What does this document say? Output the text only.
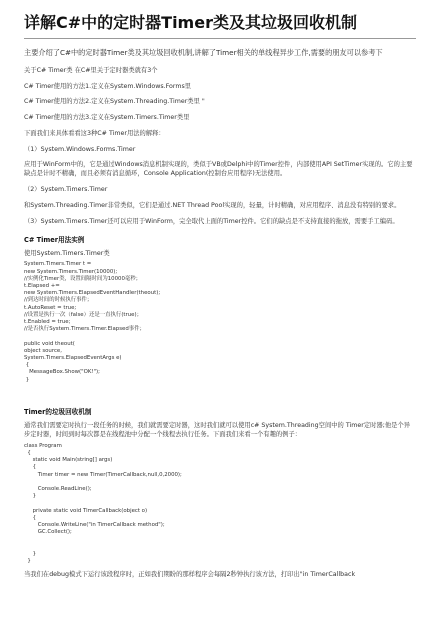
详解C#中的定时器Timer类及其垃圾回收机制
主要介绍了C#中的定时器Timer类及其垃圾回收机制,讲解了Timer相关的单线程异步工作,需要的朋友可以参考下

关于C# Timer类 在C#里关于定时器类就有3个

C# Timer使用的方法1.定义在System.Windows.Forms里

C# Timer使用的方法2.定义在System.Threading.Timer类里 "

C# Timer使用的方法3.定义在System.Timers.Timer类里

下面我们来具体看看这3种C# Timer用法的解释：

（1）System.Windows.Forms.Timer

应用于WinForm中的，它是通过Windows消息机制实现的，类似于VB或Delphi中的Timer控件，内部使用API SetTimer实现的。它的主要缺点是计时不精确，而且必须有消息循环，Console Application(控制台应用程序)无法使用。

（2）System.Timers.Timer

和System.Threading.Timer非常类似，它们是通过.NET Thread Pool实现的，轻量，计时精确，对应用程序、消息没有特别的要求。

（3）System.Timers.Timer还可以应用于WinForm，完全取代上面的Timer控件。它们的缺点是不支持直接的拖放，需要手工编码。

C# Timer用法实例

使用System.Timers.Timer类

System.Timers.Timer t =
new System.Timers.Timer(10000);
//实例化Timer类，设置间隔时间为10000毫秒；
t.Elapsed +=
new System.Timers.ElapsedEventHandler(theout);
//到达时间的时候执行事件；
t.AutoReset = true;
//设置是执行一次（false）还是一直执行(true)；
t.Enabled = true;
//是否执行System.Timers.Timer.Elapsed事件；

public void theout(
object source,
System.Timers.ElapsedEventArgs e)
{
MessageBox.Show("OK!");
}
Timer的垃圾回收机制

通常我们需要定时执行一段任务的时候，我们就需要定时器，这时我们就可以使用c# System.Threading空间中的 Timer定时器;他是个异步定时器，时间到时每次都是在线程池中分配一个线程去执行任务。下面我们来看一个有趣的例子：

class Program
{
static void Main(string[] args)
{
Timer timer = new Timer(TimerCallback,null,0,2000);

Console.ReadLine();
}

private static void TimerCallback(object o)
{
Console.WriteLine("in TimerCallback method");
GC.Collect();

}
}

当我们在debug模式下运行该段程序时，正如我们期盼的那样程序会每隔2秒钟执行该方法，打印出"in TimerCallback
